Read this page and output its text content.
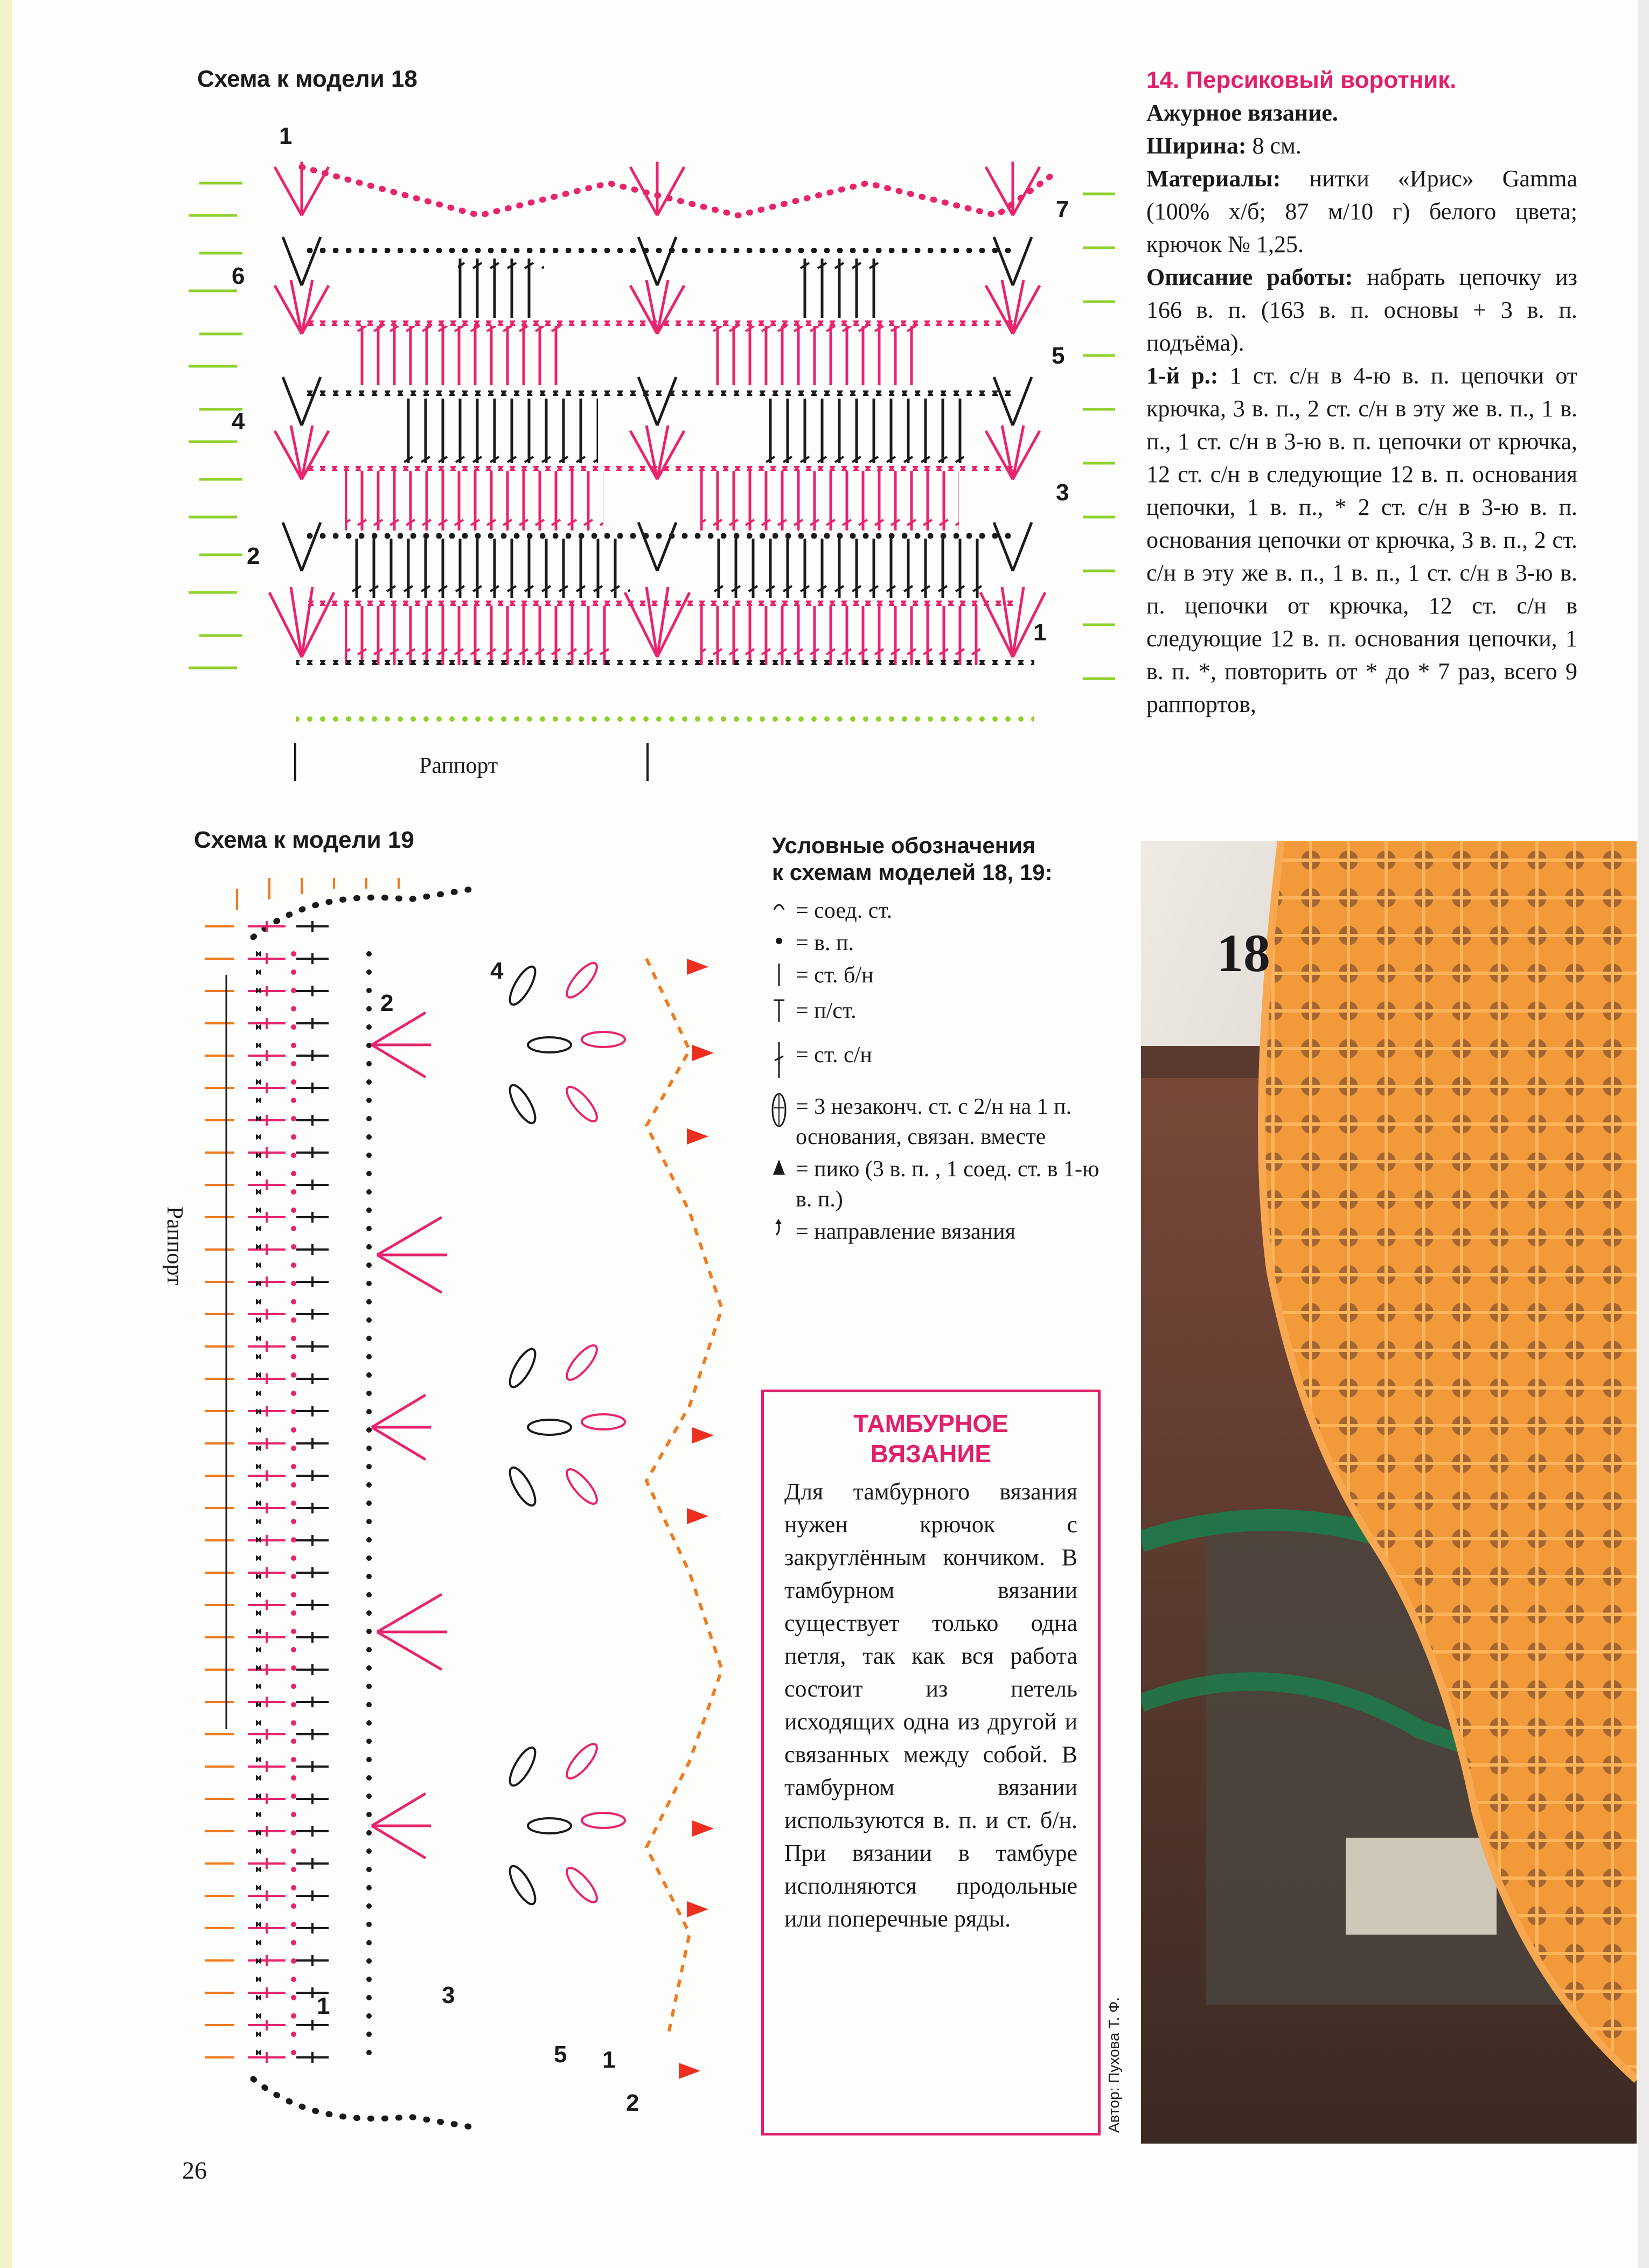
Схема к модели 18
1
6
4
2
7
5
3
1
Раппорт
Схема к модели 19
Раппорт
2
4
1	3
5 1
2
Условные обозначения
к схемам моделей 18, 19:
= соед. ст.
= в. п.
= ст. б/н
= п/ст.
= ст. с/н
= 3 незаконч. ст. с 2/н на 1 п. основания, связан. вместе
= пико (3 в. п. , 1 соед. ст. в 1-ю в. п.)
= направление вязания
ТАМБУРНОЕ
ВЯЗАНИЕ
Для тамбурного вязания нужен крючок с закруглённым кончиком. В тамбурном вязании существует только одна петля, так как вся работа состоит из петель исходящих одна из другой и связанных между собой. В тамбурном вязании используются в. п. и ст. б/н. При вязании в тамбуре исполняются продольные или поперечные ряды.
14. Персиковый воротник.
Ажурное вязание.

Ширина: 8 см.

Материалы: нитки «Ирис» Gamma (100% х/б; 87 м/10 г) белого цвета; крючок № 1,25.

Описание работы: набрать цепочку из 166 в. п. (163 в. п. основы + 3 в. п. подъёма).

1-й р.: 1 ст. с/н в 4-ю в. п. цепочки от крючка, 3 в. п., 2 ст. с/н в эту же в. п., 1 в. п., 1 ст. с/н в 3-ю в. п. цепочки от крючка, 12 ст. с/н в следующие 12 в. п. основания цепочки, 1 в. п., * 2 ст. с/н в 3-ю в. п. основания цепочки от крючка, 3 в. п., 2 ст. с/н в эту же в. п., 1 в. п., 1 ст. с/н в 3-ю в. п. цепочки от крючка, 12 ст. с/н в следующие 12 в. п. основания цепочки, 1 в. п. *, повторить от * до * 7 раз, всего 9 раппортов,

18
Автор: Пухова Т. Ф.
26
